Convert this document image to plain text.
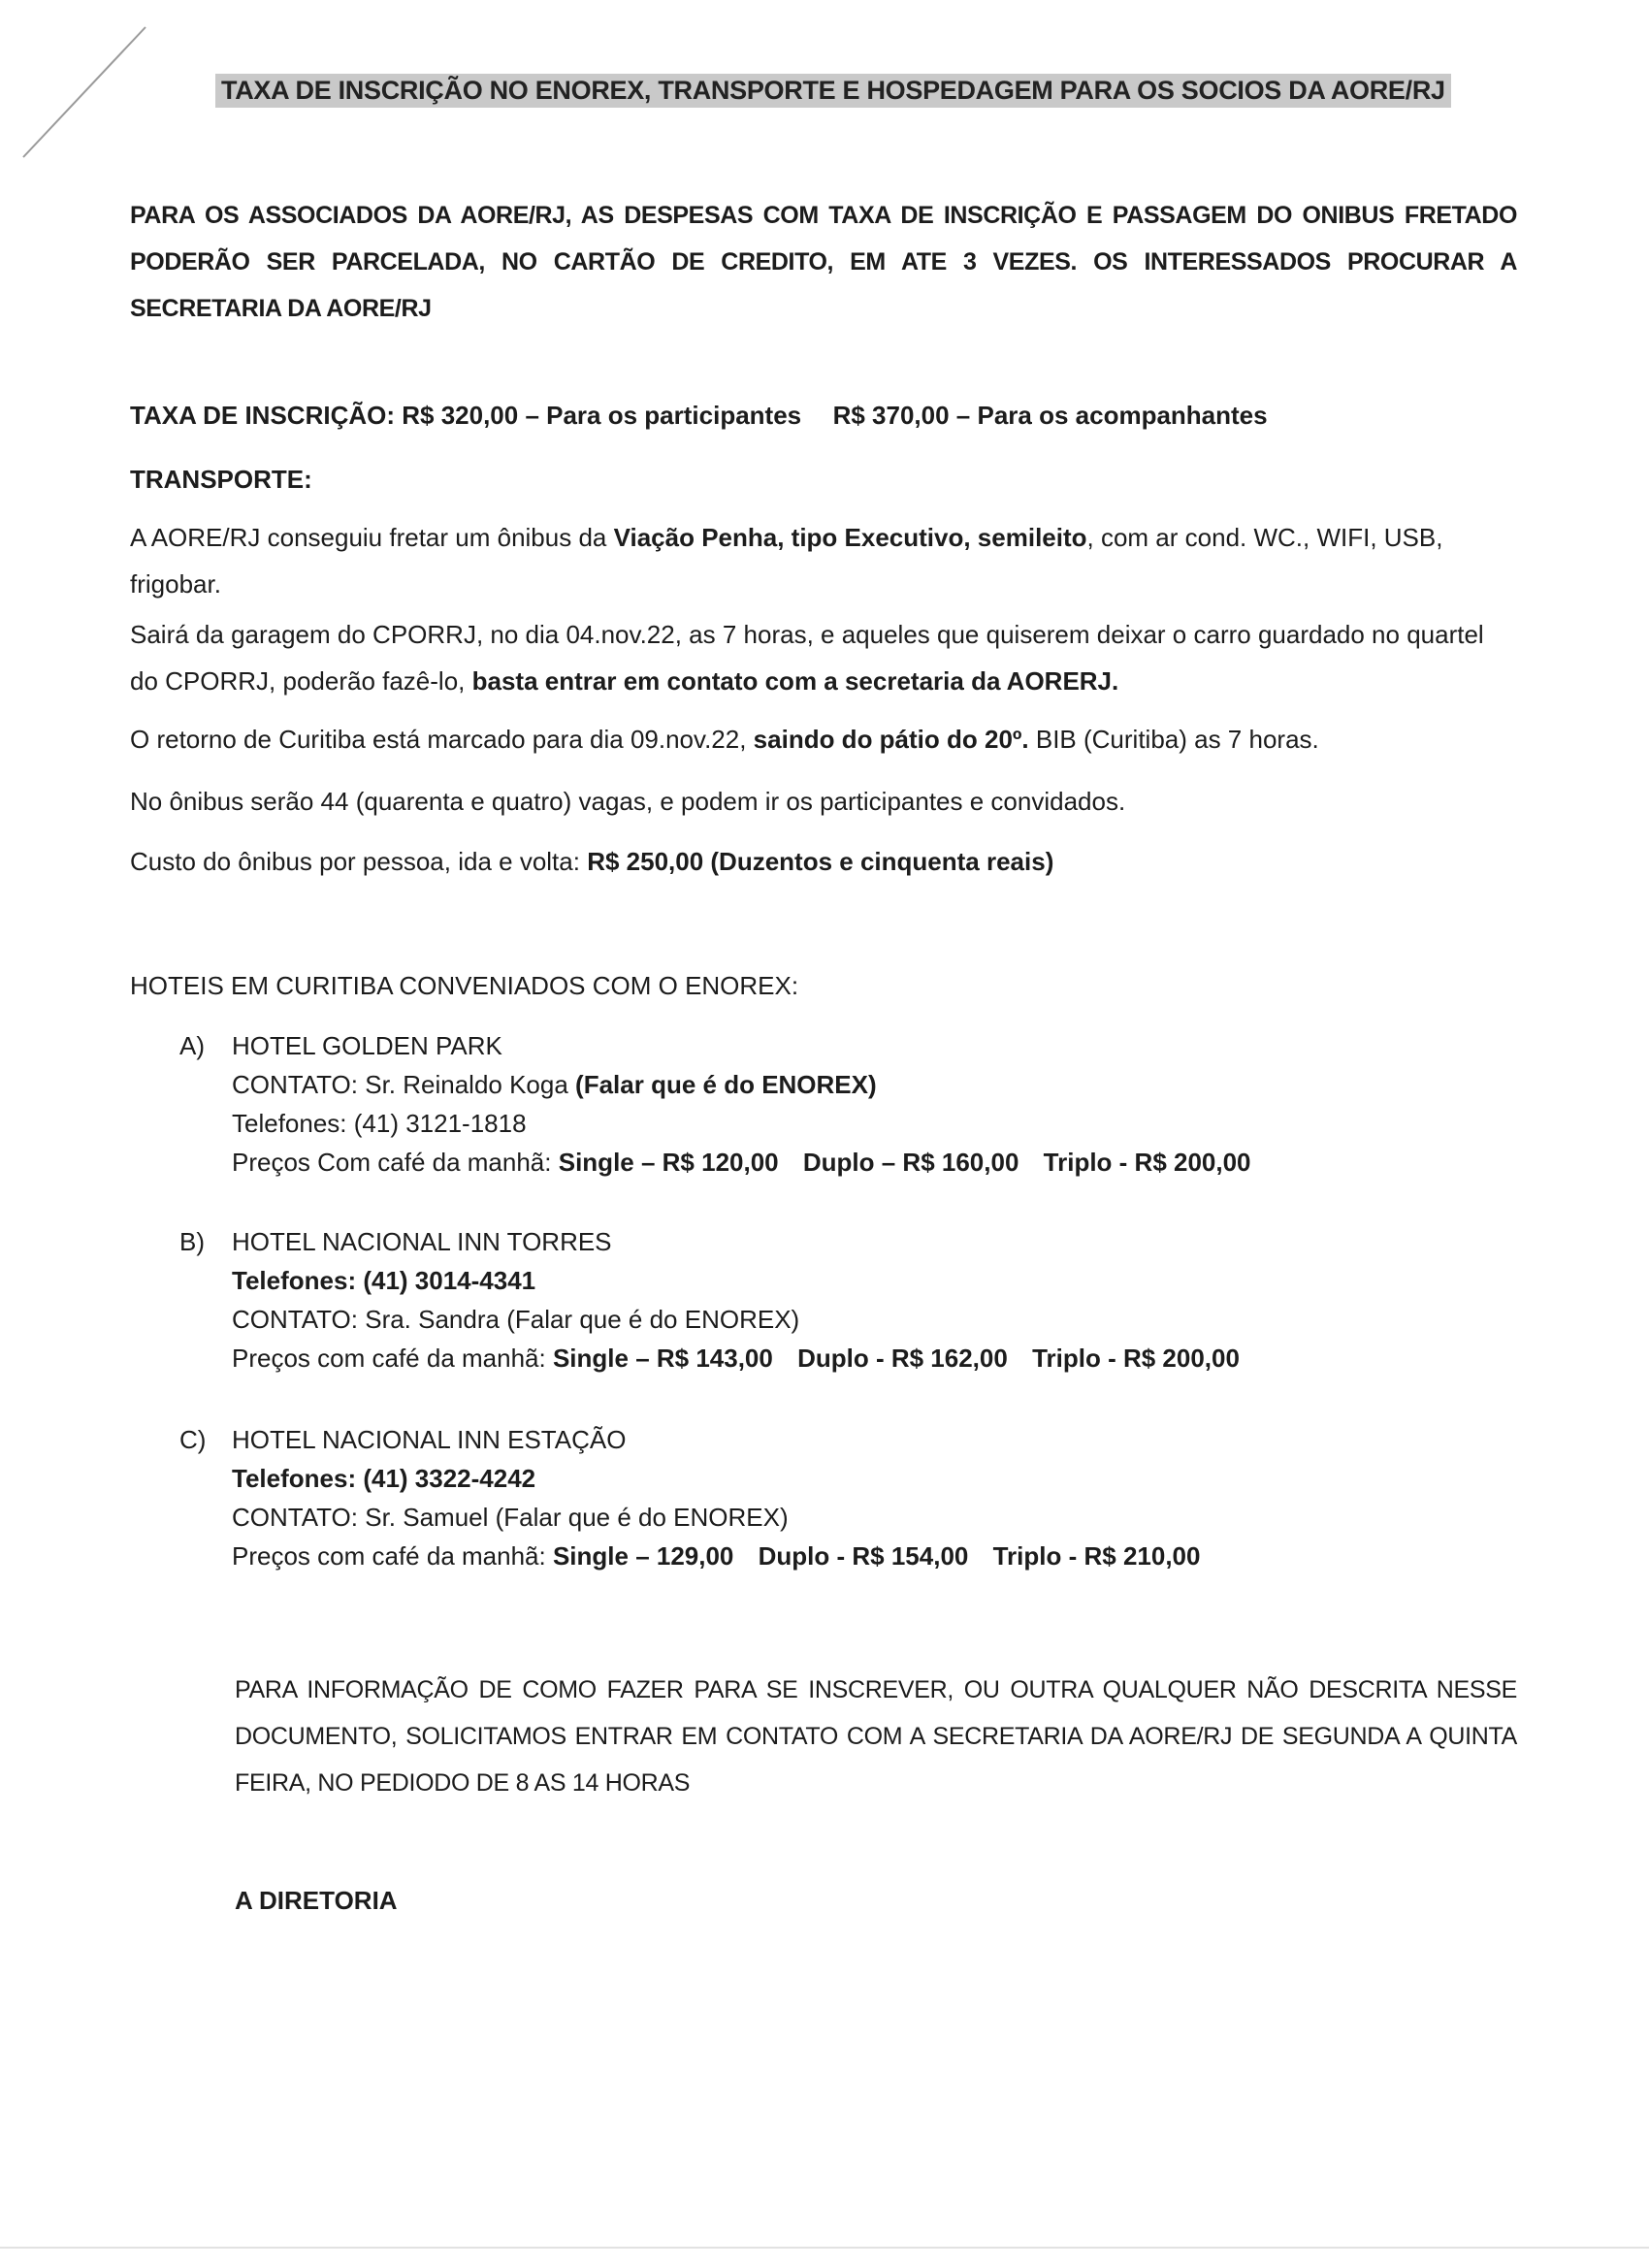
TAXA DE INSCRIÇÃO NO ENOREX, TRANSPORTE E HOSPEDAGEM PARA OS SOCIOS DA AORE/RJ
PARA OS ASSOCIADOS DA AORE/RJ, AS DESPESAS COM TAXA DE INSCRIÇÃO E PASSAGEM DO ONIBUS FRETADO PODERÃO SER PARCELADA, NO CARTÃO DE CREDITO, EM ATE 3 VEZES. OS INTERESSADOS PROCURAR A SECRETARIA DA AORE/RJ
TAXA DE INSCRIÇÃO: R$ 320,00 – Para os participantes R$ 370,00 – Para os acompanhantes
TRANSPORTE:
A AORE/RJ conseguiu fretar um ônibus da Viação Penha, tipo Executivo, semileito, com ar cond. WC., WIFI, USB, frigobar.
Sairá da garagem do CPORRJ, no dia 04.nov.22, as 7 horas, e aqueles que quiserem deixar o carro guardado no quartel do CPORRJ, poderão fazê-lo, basta entrar em contato com a secretaria da AORERJ.
O retorno de Curitiba está marcado para dia 09.nov.22, saindo do pátio do 20º. BIB (Curitiba) as 7 horas.
No ônibus serão 44 (quarenta e quatro) vagas, e podem ir os participantes e convidados.
Custo do ônibus por pessoa, ida e volta: R$ 250,00 (Duzentos e cinquenta reais)
HOTEIS EM CURITIBA CONVENIADOS COM O ENOREX:
A) HOTEL GOLDEN PARK
CONTATO: Sr. Reinaldo Koga (Falar que é do ENOREX)
Telefones: (41) 3121-1818
Preços Com café da manhã: Single – R$ 120,00 Duplo – R$ 160,00 Triplo - R$ 200,00
B) HOTEL NACIONAL INN TORRES
Telefones: (41) 3014-4341
CONTATO: Sra. Sandra (Falar que é do ENOREX)
Preços com café da manhã: Single – R$ 143,00 Duplo - R$ 162,00 Triplo - R$ 200,00
C) HOTEL NACIONAL INN ESTAÇÃO
Telefones: (41) 3322-4242
CONTATO: Sr. Samuel (Falar que é do ENOREX)
Preços com café da manhã: Single – 129,00 Duplo - R$ 154,00 Triplo - R$ 210,00
PARA INFORMAÇÃO DE COMO FAZER PARA SE INSCREVER, OU OUTRA QUALQUER NÃO DESCRITA NESSE DOCUMENTO, SOLICITAMOS ENTRAR EM CONTATO COM A SECRETARIA DA AORE/RJ DE SEGUNDA A QUINTA FEIRA, NO PEDIODO DE 8 AS 14 HORAS
A DIRETORIA
